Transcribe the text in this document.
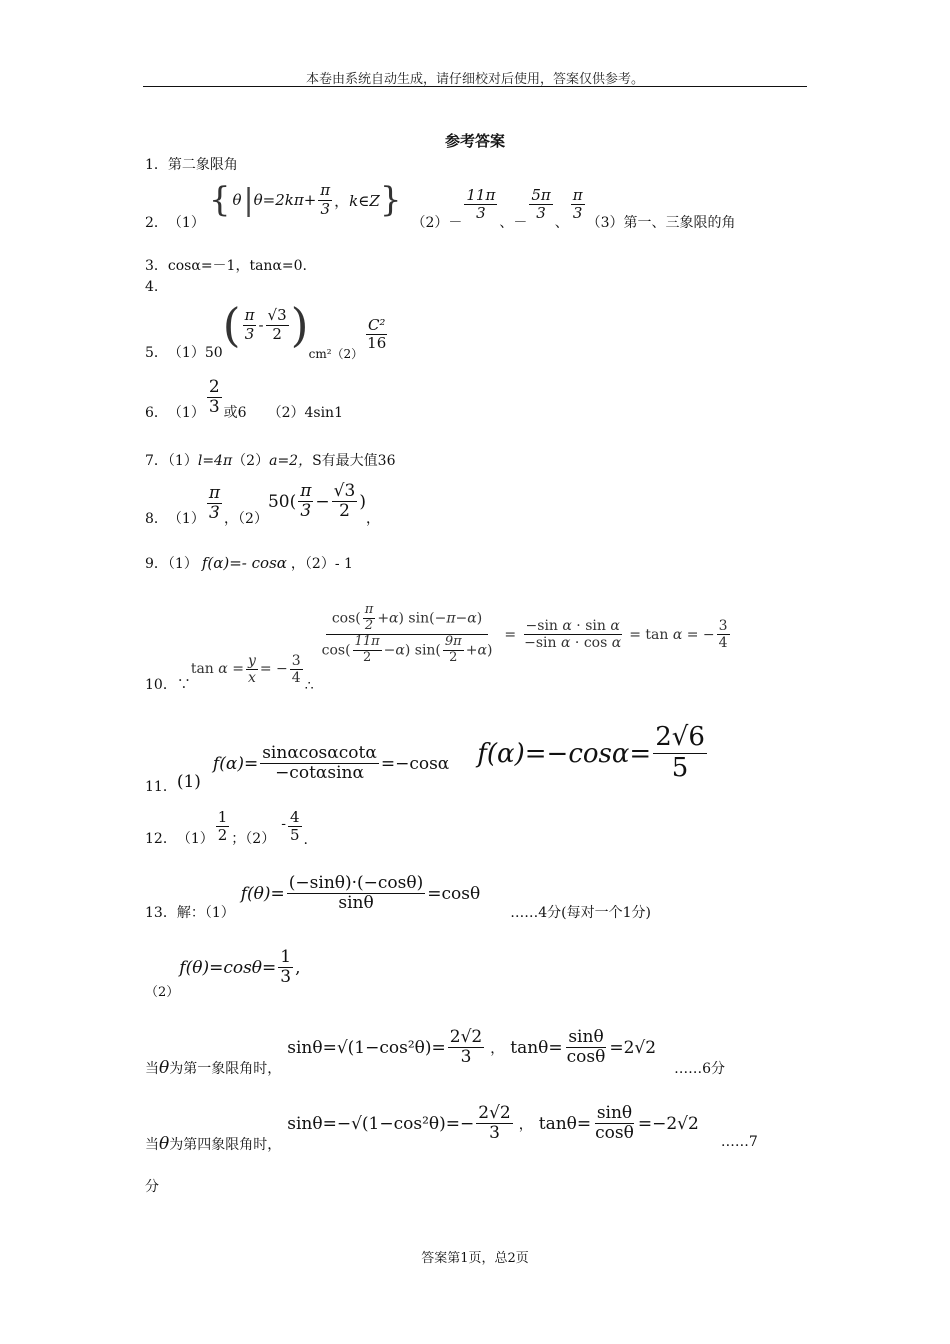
本卷由系统自动生成，请仔细校对后使用，答案仅供参考。
参考答案
1．第二象限角
2． （1）
{ θ | $\theta=2k\pi+ \frac{\pi}{3}$ ，k∈Z }
（2）－
$\frac{11\pi}{3}$
、－
$\frac{5\pi}{3}$
、
$\frac{\pi}{3}$
（3）第一、三象限的角
3．cosα=－1，tanα=0.
4.
5． （1）50
( $\frac{\pi}{3} - \frac{√3}{2}$ )
cm²（2）
$\frac{\text{C²}}{16}$
6． $(1) \frac{2}{3}$ 或6　　（2）4sin1
7．（1）l=4π（2）a=2，S有最大值36
8． $(1) \frac{\pi}{3}$ ，（2）
$50( \frac{\pi}{3} - \frac{√3}{2}$ )
，
9．（1） f(α)=- cosα ，（2）- 1
10．∵
$\tan \alpha = \frac{y}{x}$ = − $\frac{3}{4}$ ∴
$\frac{\cos( \frac{\pi}{2} +\alpha) \sin(-\pi-\alpha)}{\cos( \frac{11\pi}{2} -\alpha) \sin( \frac{9\pi}{2} +\alpha)} = \frac{\text{−sin α · sin α}}{\text{−sin α · cos α}} = \tan \alpha$ = − $\frac{3}{4}$
11． (1)
$f(\alpha)= \frac{\sin\alpha\cos\alpha\cot\alpha}{-\cot\alpha\sin\alpha} =-\cos\alpha$ $f(\alpha)=-\cos\alpha= \frac{2√6}{5}$
12． $(1) \frac{1}{2}$ ；（2）
- $\frac{4}{5}$ .
13．解：（1）
$f(\theta)= \frac{(-\sin\theta)\cdot(-\cos\theta)}{\sin\theta} =\cos\theta$
……4分(每对一个1分)
（2）
$f(\theta)=\cos\theta= \frac{1}{3}$ ,
当 θ 为第一象限角时，
$\sin\theta=√(1-\cos^2\theta)= \frac{2√2}{3}$ ， $\tan\theta= \frac{\sin\theta}{\cos\theta} =2√2$
……6分
当 θ 为第四象限角时，
$\sin\theta=-√(1-\cos^2\theta)=- \frac{2√2}{3}$ ， $\tan\theta= \frac{\sin\theta}{\cos\theta} =-2√2$
……7
分
答案第1页，总2页
